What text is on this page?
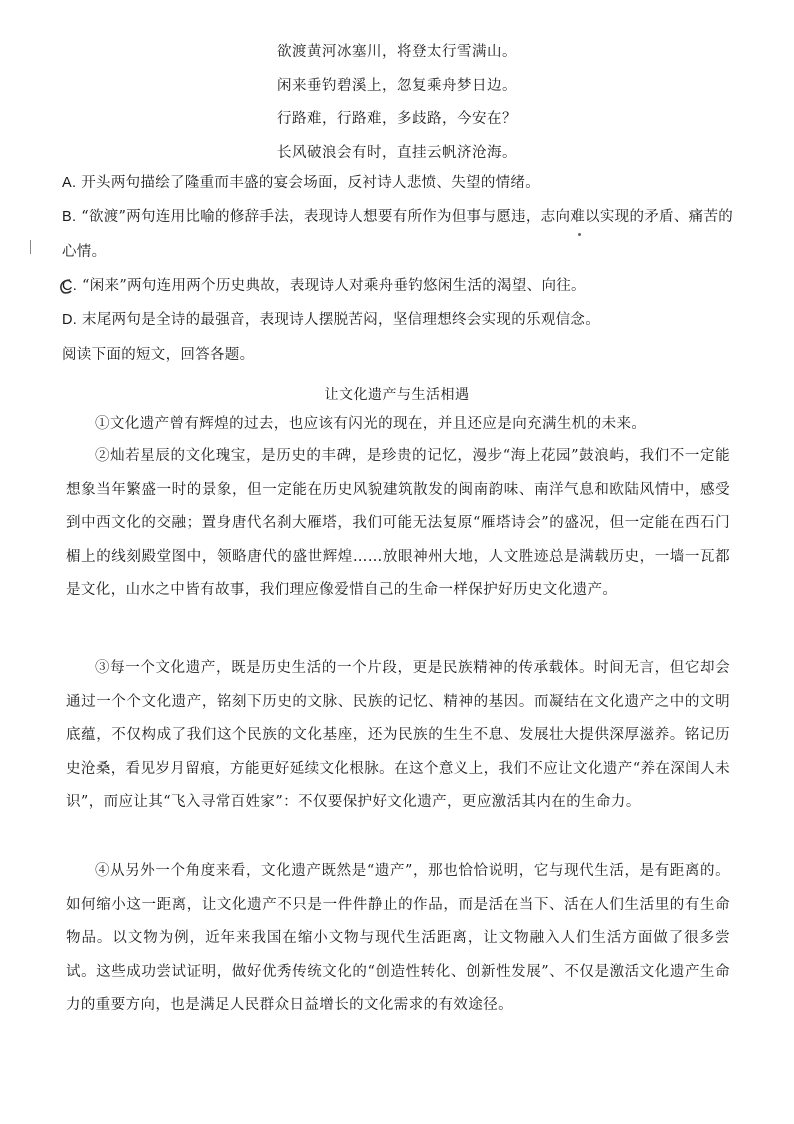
欲渡黄河冰塞川，将登太行雪满山。
闲来垂钓碧溪上，忽复乘舟梦日边。
行路难，行路难，多歧路，今安在？
长风破浪会有时，直挂云帆济沧海。
A. 开头两句描绘了隆重而丰盛的宴会场面，反衬诗人悲愤、失望的情绪。
B. “欲渡”两句连用比喻的修辞手法，表现诗人想要有所作为但事与愿违，志向难以实现的矛盾、痛苦的心情。
C. “闲来”两句连用两个历史典故，表现诗人对乘舟垂钓悠闲生活的渴望、向往。
D. 末尾两句是全诗的最强音，表现诗人摆脱苦闷，坚信理想终会实现的乐观信念。
阅读下面的短文，回答各题。
让文化遗产与生活相遇
①文化遗产曾有辉煌的过去，也应该有闪光的现在，并且还应是向充满生机的未来。
②灿若星辰的文化瑰宝，是历史的丰碑，是珍贵的记忆，漫步“海上花园”鼓浪屿，我们不一定能想象当年繁盛一时的景象，但一定能在历史风貌建筑散发的闽南韵味、南洋气息和欧陆风情中，感受到中西文化的交融；置身唐代名刹大雁塔，我们可能无法复原“雁塔诗会”的盛况，但一定能在西石门楣上的线刻殿堂图中，领略唐代的盛世辉煌……放眼神州大地，人文胜迹总是满载历史，一墙一瓦都是文化，山水之中皆有故事，我们理应像爱惜自己的生命一样保护好历史文化遗产。
③每一个文化遗产，既是历史生活的一个片段，更是民族精神的传承载体。时间无言，但它却会通过一个个文化遗产，铭刻下历史的文脉、民族的记忆、精神的基因。而凝结在文化遗产之中的文明底蕴，不仅构成了我们这个民族的文化基座，还为民族的生生不息、发展壮大提供深厚滋养。铭记历史沧桑，看见岁月留痕，方能更好延续文化根脉。在这个意义上，我们不应让文化遗产“养在深闺人未识”，而应让其“飞入寻常百姓家”：不仅要保护好文化遗产，更应激活其内在的生命力。
④从另外一个角度来看，文化遗产既然是“遗产”，那也恰恰说明，它与现代生活，是有距离的。如何缩小这一距离，让文化遗产不只是一件件静止的作品，而是活在当下、活在人们生活里的有生命物品。以文物为例，近年来我国在缩小文物与现代生活距离，让文物融入人们生活方面做了很多尝试。这些成功尝试证明，做好优秀传统文化的“创造性转化、创新性发展”、不仅是激活文化遗产生命力的重要方向，也是满足人民群众日益增长的文化需求的有效途径。
